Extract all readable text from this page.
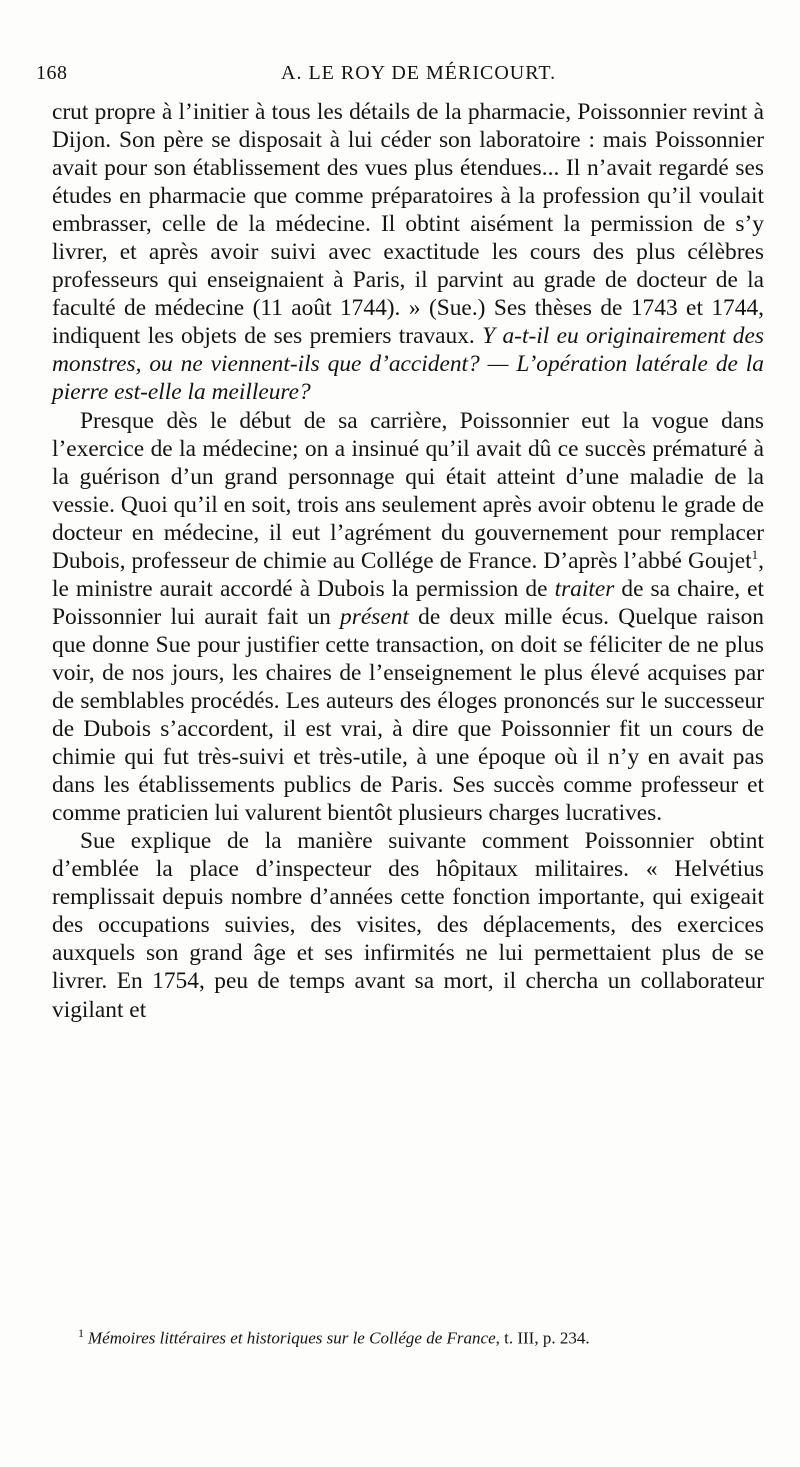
168	A. LE ROY DE MÉRICOURT.

crut propre à l’initier à tous les détails de la pharmacie, Poissonnier revint à Dijon. Son père se disposait à lui céder son laboratoire : mais Poissonnier avait pour son établissement des vues plus étendues... Il n’avait regardé ses études en pharmacie que comme préparatoires à la profession qu’il voulait embrasser, celle de la médecine. Il obtint aisément la permission de s’y livrer, et après avoir suivi avec exactitude les cours des plus célèbres professeurs qui enseignaient à Paris, il parvint au grade de docteur de la faculté de médecine (11 août 1744). » (Sue.) Ses thèses de 1743 et 1744, indiquent les objets de ses premiers travaux. Y a-t-il eu originairement des monstres, ou ne viennent-ils que d’accident? — L’opération latérale de la pierre est-elle la meilleure?

Presque dès le début de sa carrière, Poissonnier eut la vogue dans l’exercice de la médecine; on a insinué qu’il avait dû ce succès prématuré à la guérison d’un grand personnage qui était atteint d’une maladie de la vessie. Quoi qu’il en soit, trois ans seulement après avoir obtenu le grade de docteur en médecine, il eut l’agrément du gouvernement pour remplacer Dubois, professeur de chimie au Collége de France. D’après l’abbé Goujet$^1$, le ministre aurait accordé à Dubois la permission de traiter de sa chaire, et Poissonnier lui aurait fait un présent de deux mille écus. Quelque raison que donne Sue pour justifier cette transaction, on doit se féliciter de ne plus voir, de nos jours, les chaires de l’enseignement le plus élevé acquises par de semblables procédés. Les auteurs des éloges prononcés sur le successeur de Dubois s’accordent, il est vrai, à dire que Poissonnier fit un cours de chimie qui fut très-suivi et très-utile, à une époque où il n’y en avait pas dans les établissements publics de Paris. Ses succès comme professeur et comme praticien lui valurent bientôt plusieurs charges lucratives.

Sue explique de la manière suivante comment Poissonnier obtint d’emblée la place d’inspecteur des hôpitaux militaires. « Helvétius remplissait depuis nombre d’années cette fonction importante, qui exigeait des occupations suivies, des visites, des déplacements, des exercices auxquels son grand âge et ses infirmités ne lui permettaient plus de se livrer. En 1754, peu de temps avant sa mort, il chercha un collaborateur vigilant et

$^1$ Mémoires littéraires et historiques sur le Collége de France, t. III, p. 234.
